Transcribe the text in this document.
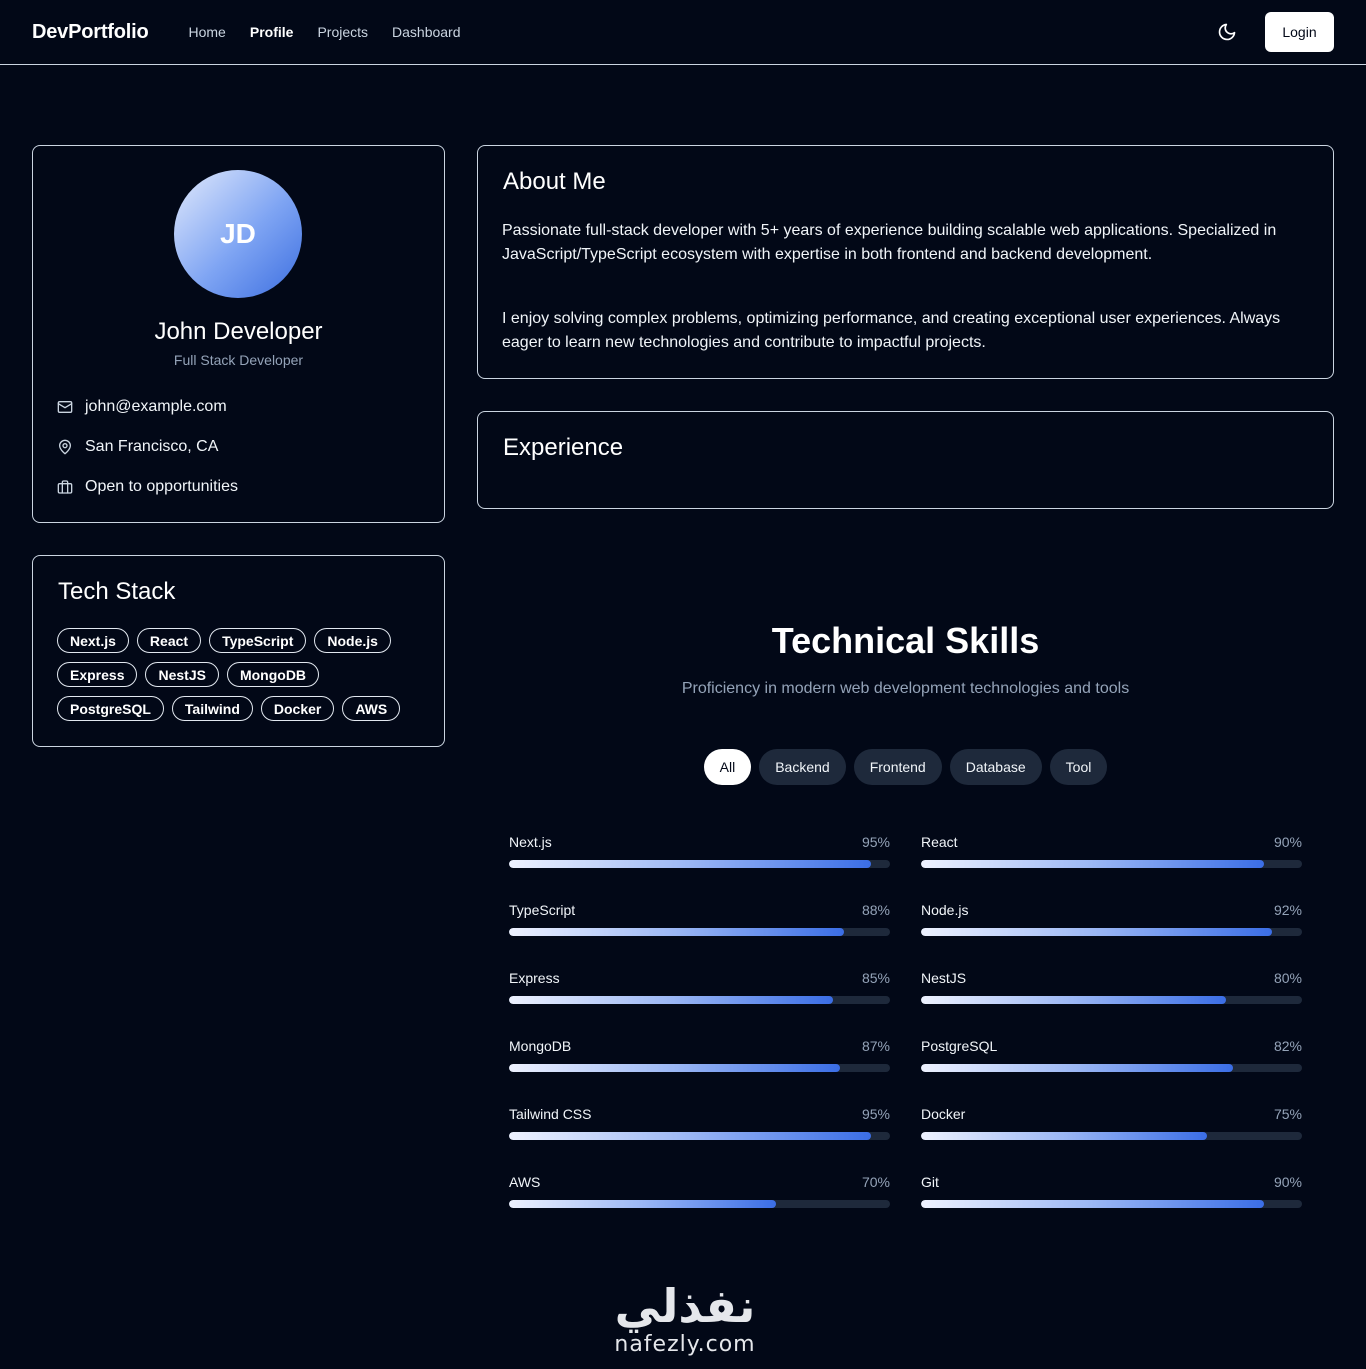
DevPortfolio	Home Profile Projects Dashboard	Login
JD
John Developer
Full Stack Developer
john@example.com
San Francisco, CA
Open to opportunities
Tech Stack
Next.js	React	TypeScript	Node.js
Express	NestJS	MongoDB
PostgreSQL	Tailwind	Docker	AWS
About Me

Passionate full-stack developer with 5+ years of experience building scalable web applications. Specialized in JavaScript/TypeScript ecosystem with expertise in both frontend and backend development.

I enjoy solving complex problems, optimizing performance, and creating exceptional user experiences. Always eager to learn new technologies and contribute to impactful projects.

Experience
Technical Skills
Proficiency in modern web development technologies and tools
All	Backend	Frontend	Database	Tool
Next.js	95% React	90%
TypeScript	88% Node.js	92%
Express	85% NestJS	80%
MongoDB	87% PostgreSQL	82%
Tailwind CSS	95% Docker	75%
AWS	70% Git	90%
نفذلي
nafezly.com
